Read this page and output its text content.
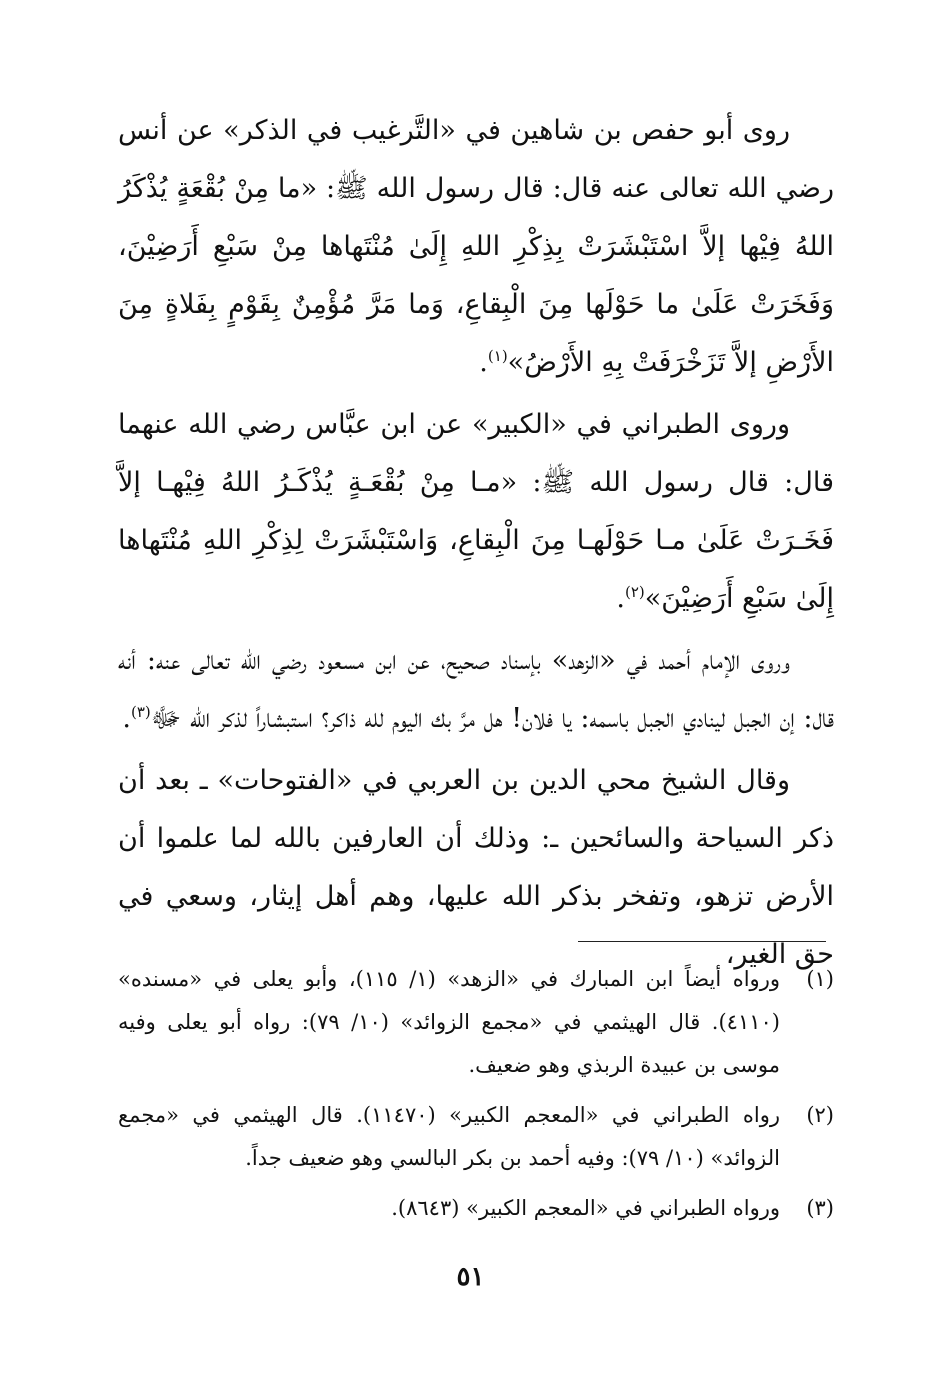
روى أبو حفص بن شاهين في «التَّرغيب في الذكر» عن أنس رضي الله تعالى عنه قال: قال رسول الله ﷺ: «ما مِنْ بُقْعَةٍ يُذْكَرُ اللهُ فِيْها إلاَّ اسْتَبْشَرَتْ بِذِكْرِ اللهِ إِلَىٰ مُنْتَهاها مِنْ سَبْعِ أَرَضِيْنَ، وَفَخَرَتْ عَلَىٰ ما حَوْلَها مِنَ الْبِقاعِ، وَما مَرَّ مُؤْمِنٌ بِقَوْمٍ بِفَلاةٍ مِنَ الأَرْضِ إلاَّ تَزَخْرَفَتْ بِهِ الأَرْضُ»$^{(١)}$.

وروى الطبراني في «الكبير» عن ابن عبَّاس رضي الله عنهما قال: قال رسول الله ﷺ: «مـا مِنْ بُقْعَـةٍ يُذْكَـرُ اللهُ فِيْهـا إلاَّ فَخَـرَتْ عَلَىٰ مـا حَوْلَهـا مِنَ الْبِقاعِ، وَاسْتَبْشَرَتْ لِذِكْرِ اللهِ مُنْتَهاها إِلَىٰ سَبْعِ أَرَضِيْنَ»$^{(٢)}$.

وروى الإمام أحمد في «الزهد» بإسناد صحيح، عن ابن مسعود رضي الله تعالى عنه: أنه قال: إن الجبل لينادي الجبل باسمه: يا فلان! هل مرَّ بك اليوم لله ذاكر؟ استبشاراً لذكر الله ﷻ$^{(٣)}$.

وقال الشيخ محي الدين بن العربي في «الفتوحات» ـ بعد أن ذكر السياحة والسائحين ـ: وذلك أن العارفين بالله لما علموا أن الأرض تزهو، وتفخر بذكر الله عليها، وهم أهل إيثار، وسعي في حق الغير،

(١)
ورواه أيضاً ابن المبارك في «الزهد» (١/ ١١٥)، وأبو يعلى في «مسنده» (٤١١٠). قال الهيثمي في «مجمع الزوائد» (١٠/ ٧٩): رواه أبو يعلى وفيه موسى بن عبيدة الربذي وهو ضعيف.
(٢)
رواه الطبراني في «المعجم الكبير» (١١٤٧٠). قال الهيثمي في «مجمع الزوائد» (١٠/ ٧٩): وفيه أحمد بن بكر البالسي وهو ضعيف جداً.
(٣)
ورواه الطبراني في «المعجم الكبير» (٨٦٤٣).
٥١
